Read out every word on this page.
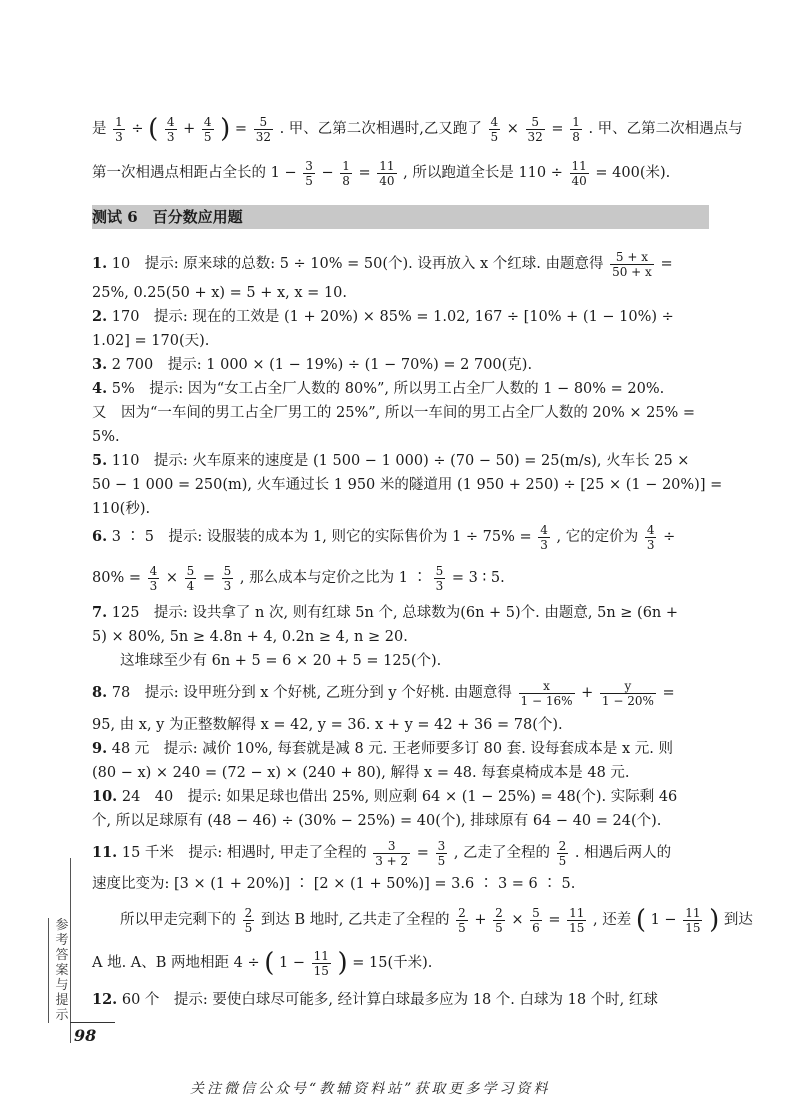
是 $\frac{1}{3}$ ÷ ( $\frac{4}{3} + \frac{4}{5}$ ) = $\frac{5}{32}$ . 甲、乙第二次相遇时,乙又跑了 $\frac{4}{5} \times \frac{5}{32} = \frac{1}{8}$ . 甲、乙第二次相遇点与
第一次相遇点相距占全长的 $1 - \frac{3}{5} - \frac{1}{8} = \frac{11}{40}$ , 所以跑道全长是 $110 \div \frac{11}{40} = 400$(米).
测试 6　百分数应用题
1. 10　提示: 原来球的总数: 5 ÷ 10% = 50(个). 设再放入 x 个红球. 由题意得 $\frac{5 + x}{50 + x}$ =
25%, 0.25(50 + x) = 5 + x, x = 10.
2. 170　提示: 现在的工效是 (1 + 20%) × 85% = 1.02, 167 ÷ [10% + (1 − 10%) ÷
1.02] = 170(天).
3. 2 700　提示: 1 000 × (1 − 19%) ÷ (1 − 70%) = 2 700(克).
4. 5%　提示: 因为“女工占全厂人数的 80%”, 所以男工占全厂人数的 1 − 80% = 20%.
又　因为“一车间的男工占全厂男工的 25%”, 所以一车间的男工占全厂人数的 20% × 25% =
5%.
5. 110　提示: 火车原来的速度是 (1 500 − 1 000) ÷ (70 − 50) = 25(m/s), 火车长 25 ×
50 − 1 000 = 250(m), 火车通过长 1 950 米的隧道用 (1 950 + 250) ÷ [25 × (1 − 20%)] =
110(秒).
6. 3 ∶ 5　提示: 设服装的成本为 1, 则它的实际售价为 $1 \div 75\% = \frac{4}{3}$ , 它的定价为 $\frac{4}{3}$ ÷
$80\% = \frac{4}{3} \times \frac{5}{4} = \frac{5}{3}$ , 那么成本与定价之比为 1 ∶ $\frac{5}{3} = 3$ ∶ 5.
7. 125　提示: 设共拿了 n 次, 则有红球 5n 个, 总球数为(6n + 5)个. 由题意, 5n ≥ (6n +
5) × 80%, 5n ≥ 4.8n + 4, 0.2n ≥ 4, n ≥ 20.
这堆球至少有 6n + 5 = 6 × 20 + 5 = 125(个).
8. 78　提示: 设甲班分到 x 个好桃, 乙班分到 y 个好桃. 由题意得 $\frac{x}{1 - 16\%} + \frac{y}{1 - 20\%}$ =
95, 由 x, y 为正整数解得 x = 42, y = 36. x + y = 42 + 36 = 78(个).
9. 48 元　提示: 减价 10%, 每套就是减 8 元. 王老师要多订 80 套. 设每套成本是 x 元. 则
(80 − x) × 240 = (72 − x) × (240 + 80), 解得 x = 48. 每套桌椅成本是 48 元.
10. 24　40　提示: 如果足球也借出 25%, 则应剩 64 × (1 − 25%) = 48(个). 实际剩 46
个, 所以足球原有 (48 − 46) ÷ (30% − 25%) = 40(个), 排球原有 64 − 40 = 24(个).
11. 15 千米　提示: 相遇时, 甲走了全程的 $\frac{3}{3 + 2} = \frac{3}{5}$ , 乙走了全程的 $\frac{2}{5}$ . 相遇后两人的
速度比变为: [3 × (1 + 20%)] ∶ [2 × (1 + 50%)] = 3.6 ∶ 3 = 6 ∶ 5.
所以甲走完剩下的 $\frac{2}{5}$ 到达 B 地时, 乙共走了全程的 $\frac{2}{5} + \frac{2}{5} \times \frac{5}{6} = \frac{11}{15}$ , 还差 ( $1 - \frac{11}{15}$ ) 到达
A 地. A、B 两地相距 4 ÷ ( $1 - \frac{11}{15}$ ) = 15(千米).
12. 60 个　提示: 要使白球尽可能多, 经计算白球最多应为 18 个. 白球为 18 个时, 红球
参考答案与提示
98
关注微信公众号“教辅资料站”获取更多学习资料
